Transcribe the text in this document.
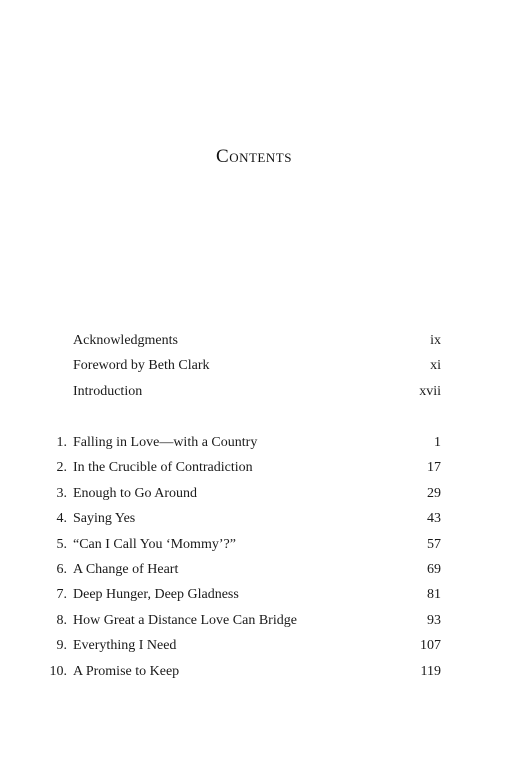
Contents
Acknowledgments	ix
Foreword by Beth Clark	xi
Introduction	xvii
1. Falling in Love—with a Country	1
2. In the Crucible of Contradiction	17
3. Enough to Go Around	29
4. Saying Yes	43
5. “Can I Call You ‘Mommy’?”	57
6. A Change of Heart	69
7. Deep Hunger, Deep Gladness	81
8. How Great a Distance Love Can Bridge	93
9. Everything I Need	107
10. A Promise to Keep	119
